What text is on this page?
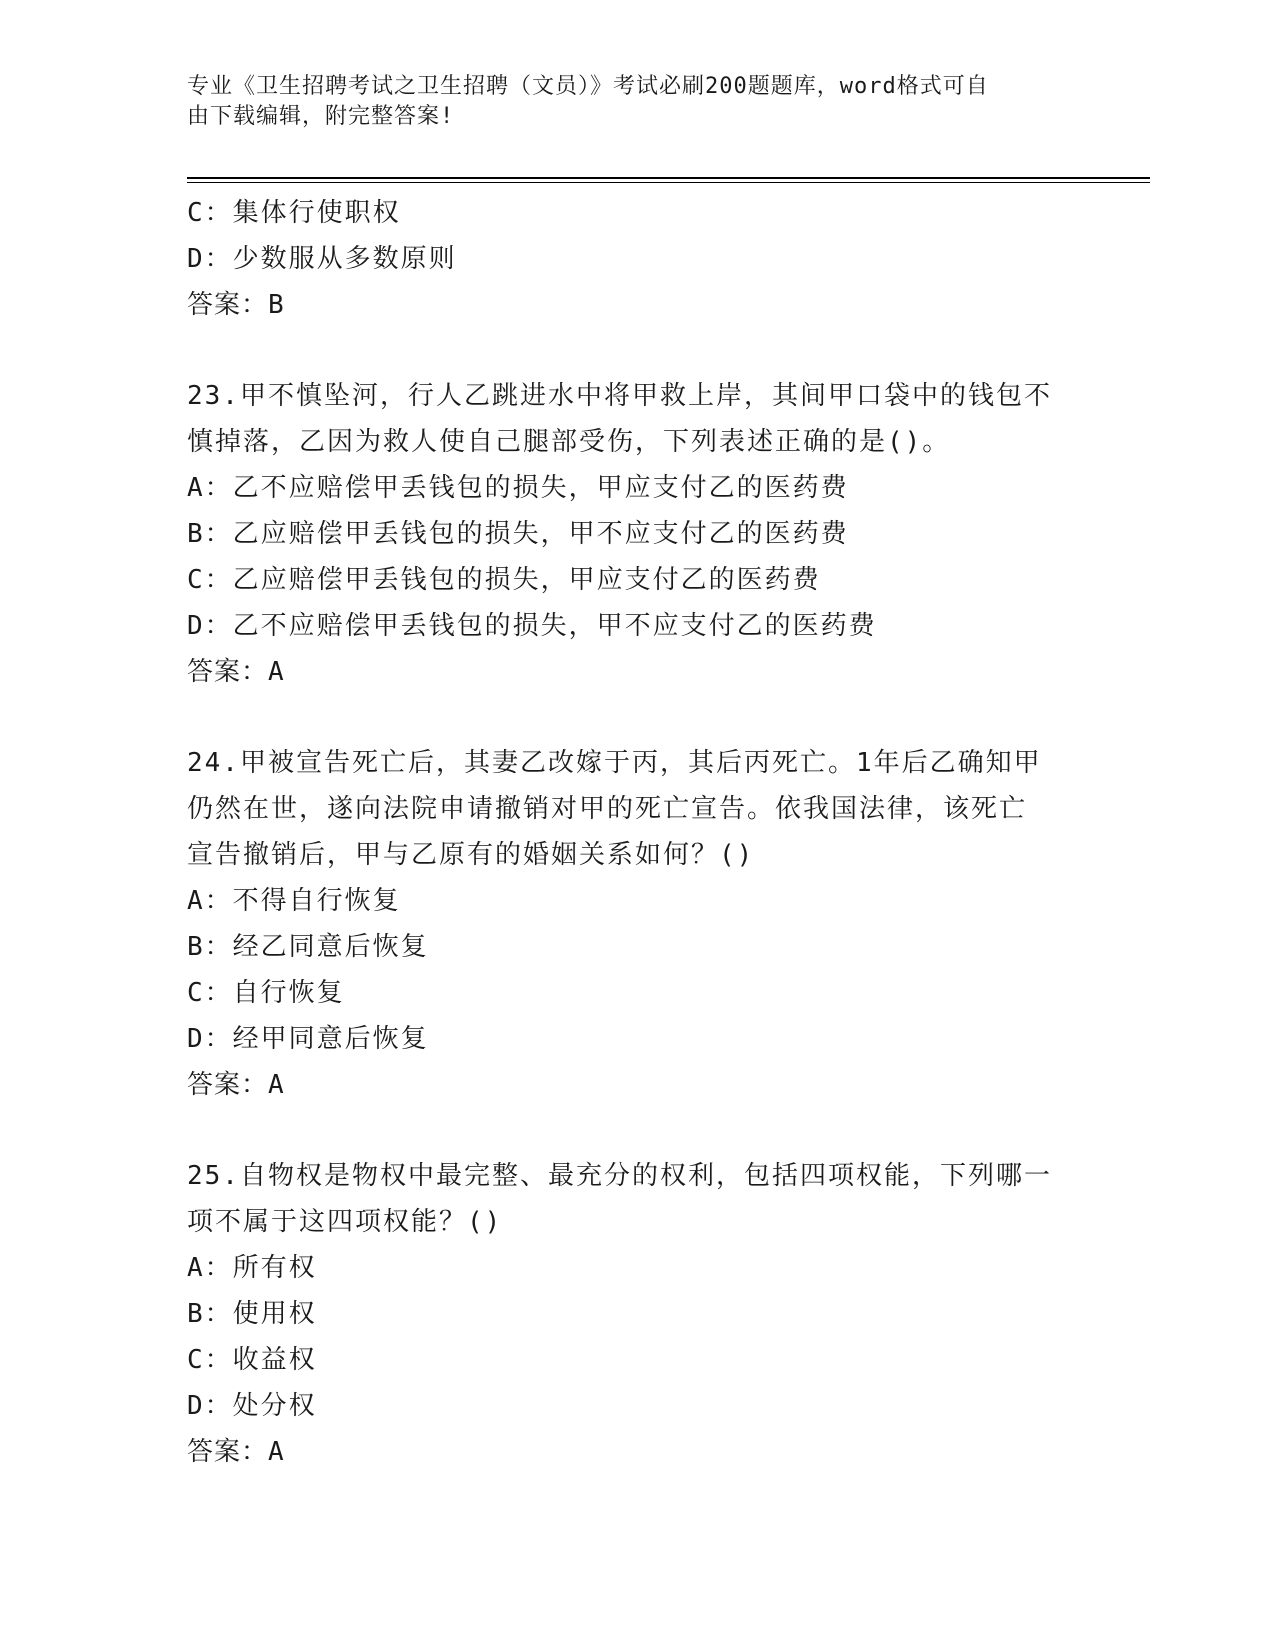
专业《卫生招聘考试之卫生招聘（文员）》考试必刷200题题库，word格式可自
由下载编辑，附完整答案!
C：集体行使职权
D：少数服从多数原则
答案：B
23.甲不慎坠河，行人乙跳进水中将甲救上岸，其间甲口袋中的钱包不
慎掉落，乙因为救人使自己腿部受伤，下列表述正确的是()。
A：乙不应赔偿甲丢钱包的损失，甲应支付乙的医药费
B：乙应赔偿甲丢钱包的损失，甲不应支付乙的医药费
C：乙应赔偿甲丢钱包的损失，甲应支付乙的医药费
D：乙不应赔偿甲丢钱包的损失，甲不应支付乙的医药费
答案：A
24.甲被宣告死亡后，其妻乙改嫁于丙，其后丙死亡。1年后乙确知甲
仍然在世，遂向法院申请撤销对甲的死亡宣告。依我国法律，该死亡
宣告撤销后，甲与乙原有的婚姻关系如何？()
A：不得自行恢复
B：经乙同意后恢复
C：自行恢复
D：经甲同意后恢复
答案：A
25.自物权是物权中最完整、最充分的权利，包括四项权能，下列哪一
项不属于这四项权能？()
A：所有权
B：使用权
C：收益权
D：处分权
答案：A
